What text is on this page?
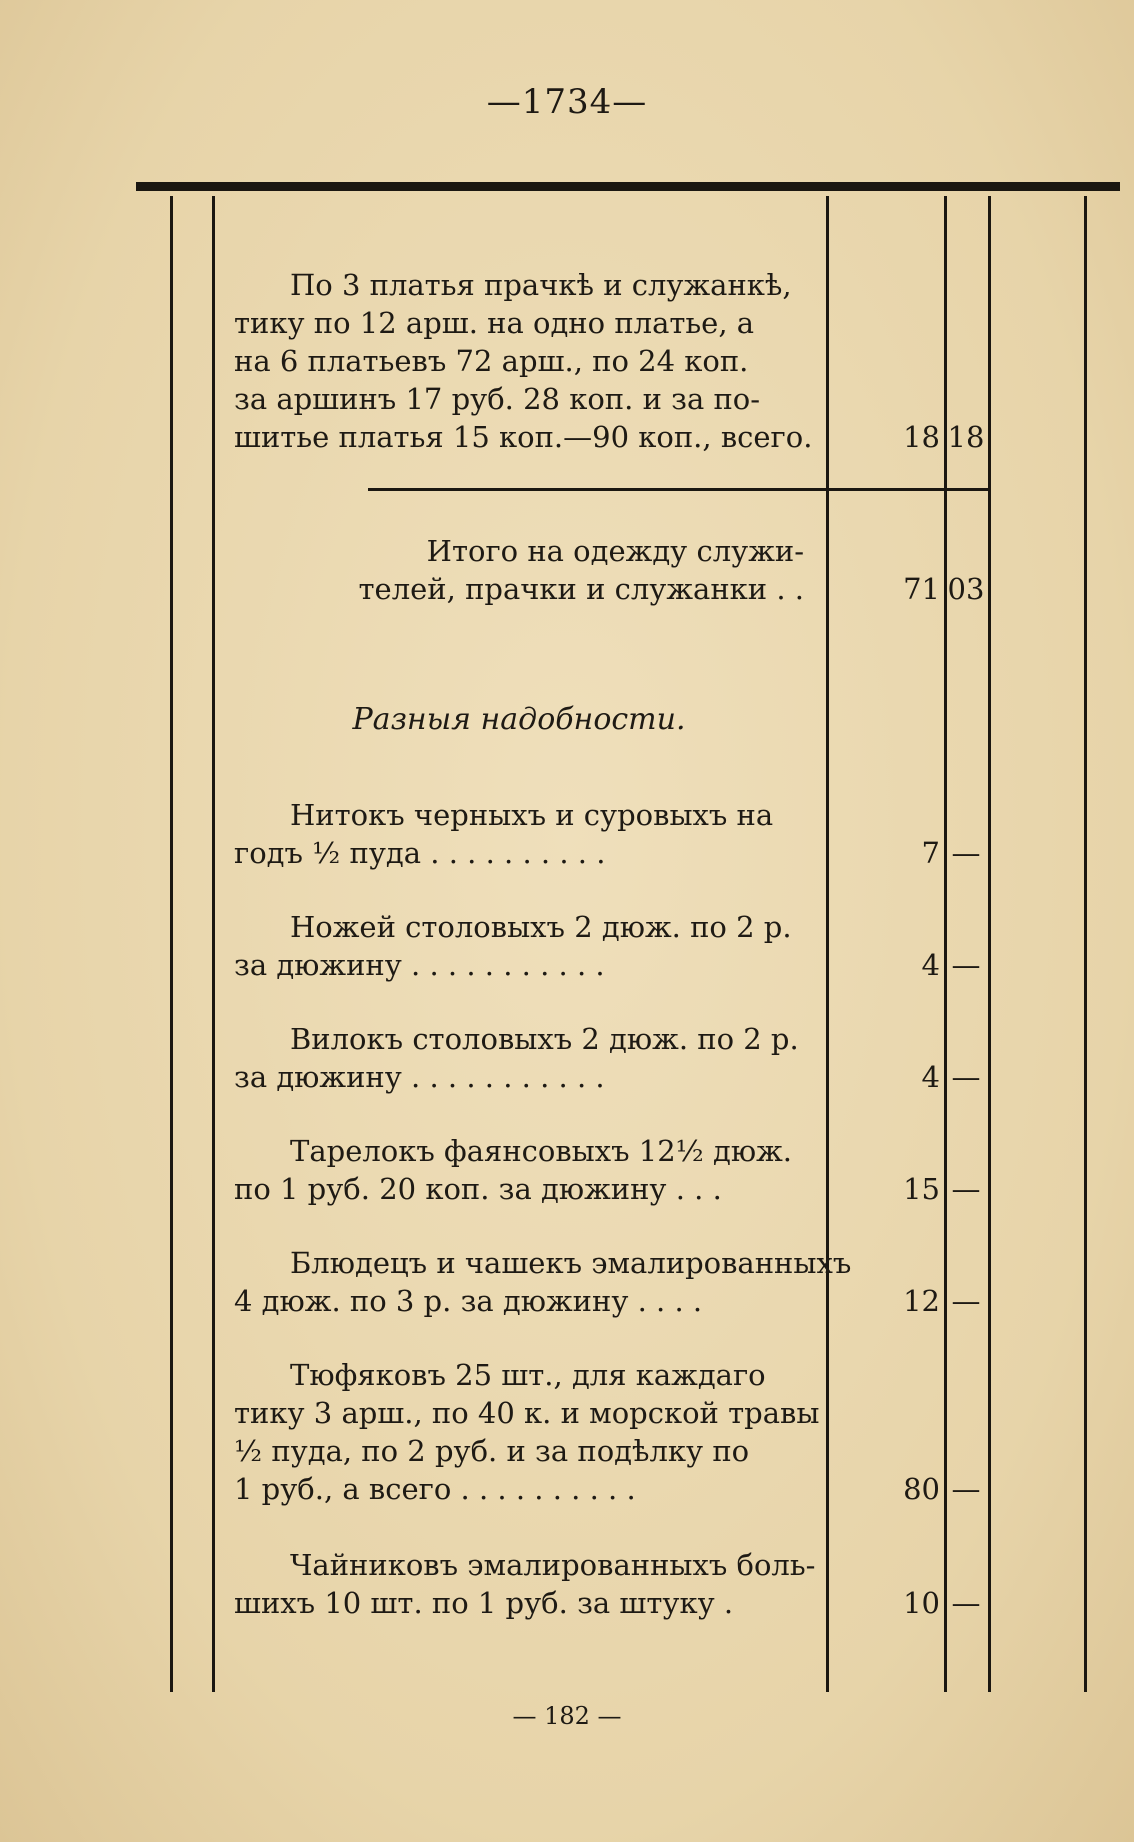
—1734—
По 3 платья прачкѣ и служанкѣ,
тику по 12 арш. на одно платье, а
на 6 платьевъ 72 арш., по 24 коп.
за аршинъ 17 руб. 28 коп. и за по-
шитье платья 15 коп.—90 коп., всего.	18 18
Итого на одежду служи-
телей, прачки и служанки . .	71 03
Разныя надобности.
Нитокъ черныхъ и суровыхъ на
годъ ½ пуда . . . . . . . . . .	7 —
Ножей столовыхъ 2 дюж. по 2 р.
за дюжину . . . . . . . . . . .	4 —
Вилокъ столовыхъ 2 дюж. по 2 р.
за дюжину . . . . . . . . . . .	4 —
Тарелокъ фаянсовыхъ 12½ дюж.
по 1 руб. 20 коп. за дюжину . . .	15 —
Блюдецъ и чашекъ эмалированныхъ
4 дюж. по 3 р. за дюжину . . . .	12 —
Тюфяковъ 25 шт., для каждаго
тику 3 арш., по 40 к. и морской травы
½ пуда, по 2 руб. и за подѣлку по
1 руб., а всего . . . . . . . . . .	80 —
Чайниковъ эмалированныхъ боль-
шихъ 10 шт. по 1 руб. за штуку .	10 —
— 182 —
